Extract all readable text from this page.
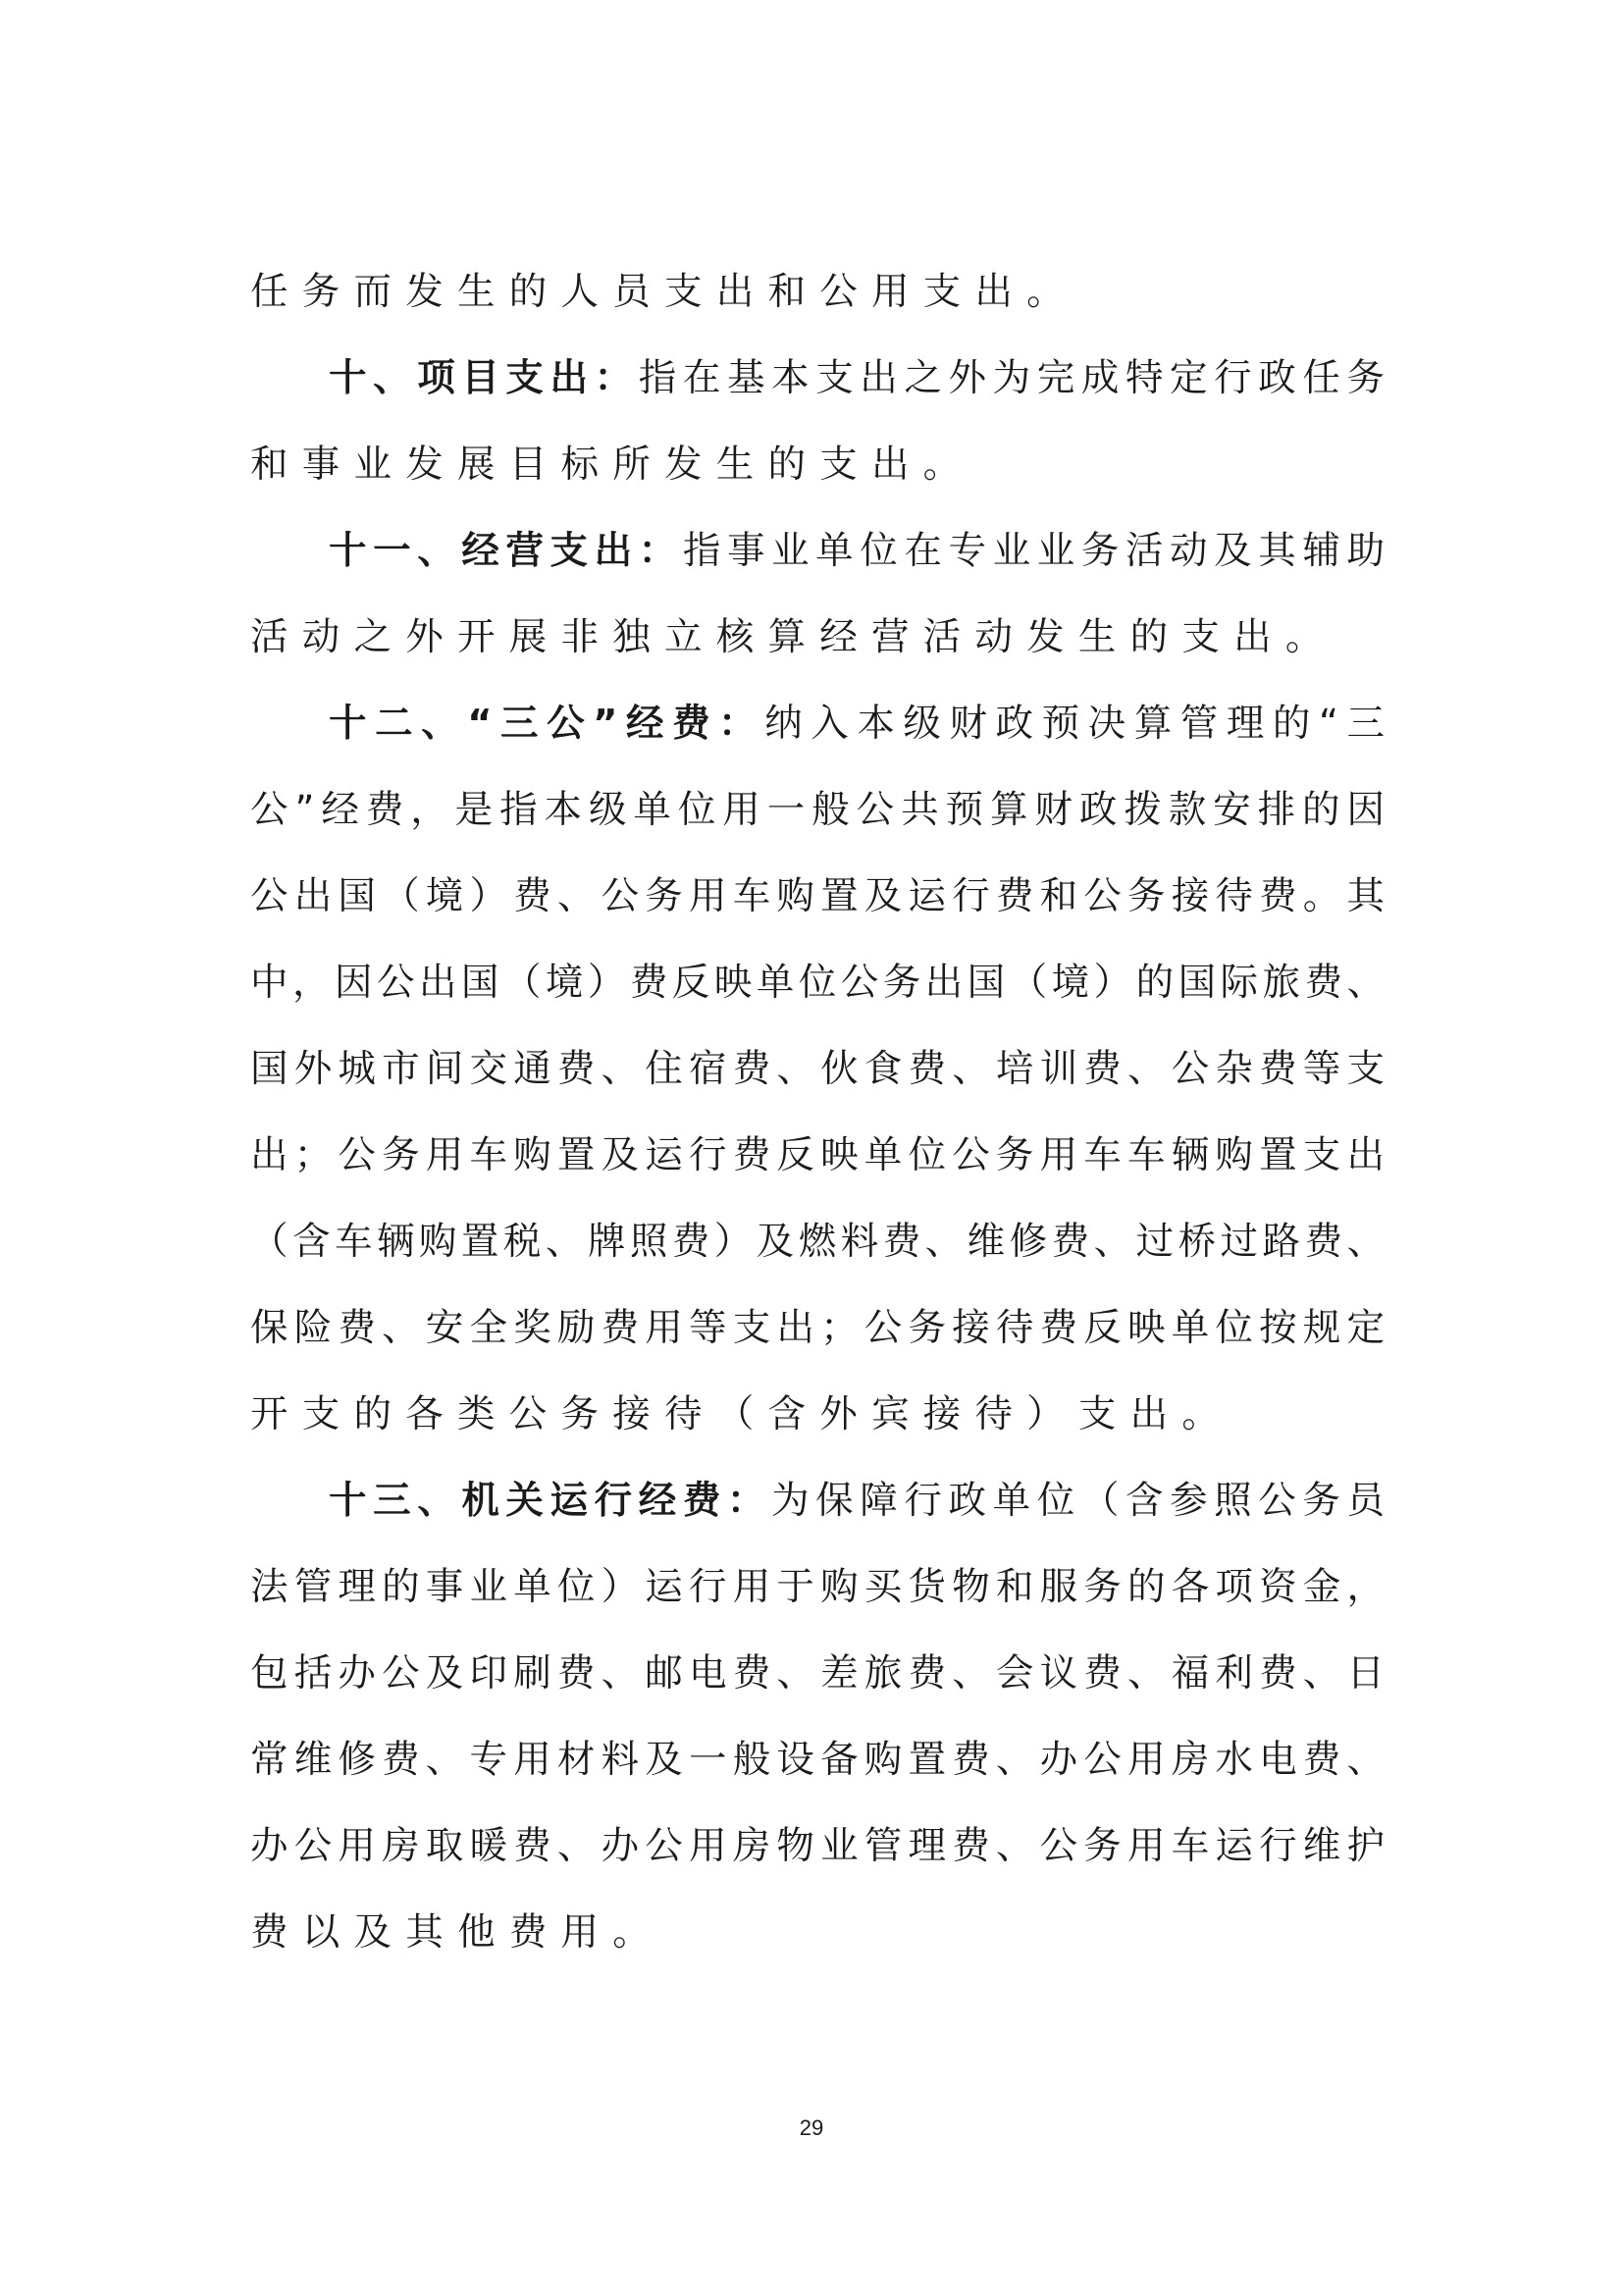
任务而发生的人员支出和公用支出。
十、项目支出：指在基本支出之外为完成特定行政任务
和事业发展目标所发生的支出。
十一、经营支出：指事业单位在专业业务活动及其辅助
活动之外开展非独立核算经营活动发生的支出。
十二、“三公”经费：纳入本级财政预决算管理的“三
公”经费，是指本级单位用一般公共预算财政拨款安排的因
公出国（境）费、公务用车购置及运行费和公务接待费。其
中，因公出国（境）费反映单位公务出国（境）的国际旅费、
国外城市间交通费、住宿费、伙食费、培训费、公杂费等支
出；公务用车购置及运行费反映单位公务用车车辆购置支出
（含车辆购置税、牌照费）及燃料费、维修费、过桥过路费、
保险费、安全奖励费用等支出；公务接待费反映单位按规定
开支的各类公务接待（含外宾接待）支出。
十三、机关运行经费：为保障行政单位（含参照公务员
法管理的事业单位）运行用于购买货物和服务的各项资金，
包括办公及印刷费、邮电费、差旅费、会议费、福利费、日
常维修费、专用材料及一般设备购置费、办公用房水电费、
办公用房取暖费、办公用房物业管理费、公务用车运行维护
费以及其他费用。
29
